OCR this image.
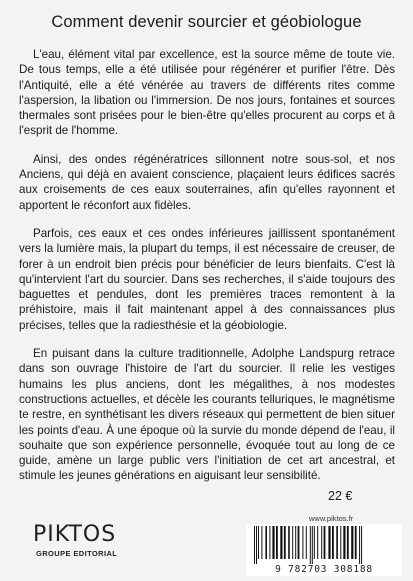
Comment devenir sourcier et géobiologue

L'eau, élément vital par excellence, est la source même de toute vie. De tous temps, elle a été utilisée pour régénérer et purifier l'être. Dès l'Antiquité, elle a été vénérée au travers de différents rites comme l'aspersion, la libation ou l'immersion. De nos jours, fontaines et sources thermales sont prisées pour le bien-être qu'elles procurent au corps et à l'esprit de l'homme.

Ainsi, des ondes régénératrices sillonnent notre sous-sol, et nos Anciens, qui déjà en avaient conscience, plaçaient leurs édifices sacrés aux croisements de ces eaux souterraines, afin qu'elles rayonnent et apportent le réconfort aux fidèles.

Parfois, ces eaux et ces ondes inférieures jaillissent spontanément vers la lumière mais, la plupart du temps, il est nécessaire de creuser, de forer à un endroit bien précis pour bénéficier de leurs bienfaits. C'est là qu'intervient l'art du sourcier. Dans ses recherches, il s'aide toujours des baguettes et pendules, dont les premières traces remontent à la préhistoire, mais il fait maintenant appel à des connaissances plus précises, telles que la radiesthésie et la géobiologie.

En puisant dans la culture traditionnelle, Adolphe Landspurg retrace dans son ouvrage l'histoire de l'art du sourcier. Il relie les vestiges humains les plus anciens, dont les mégalithes, à nos modestes constructions actuelles, et décèle les courants telluriques, le magnétisme te restre, en synthétisant les divers réseaux qui permettent de bien situer les points d'eau. À une époque où la survie du monde dépend de l'eau, il souhaite que son expérience personnelle, évoquée tout au long de ce guide, amène un large public vers l'initiation de cet art ancestral, et stimule les jeunes générations en aiguisant leur sensibilité.

22 €
www.piktos.fr
PIKTOS
GROUPE EDITORIAL
9 782703 308188
